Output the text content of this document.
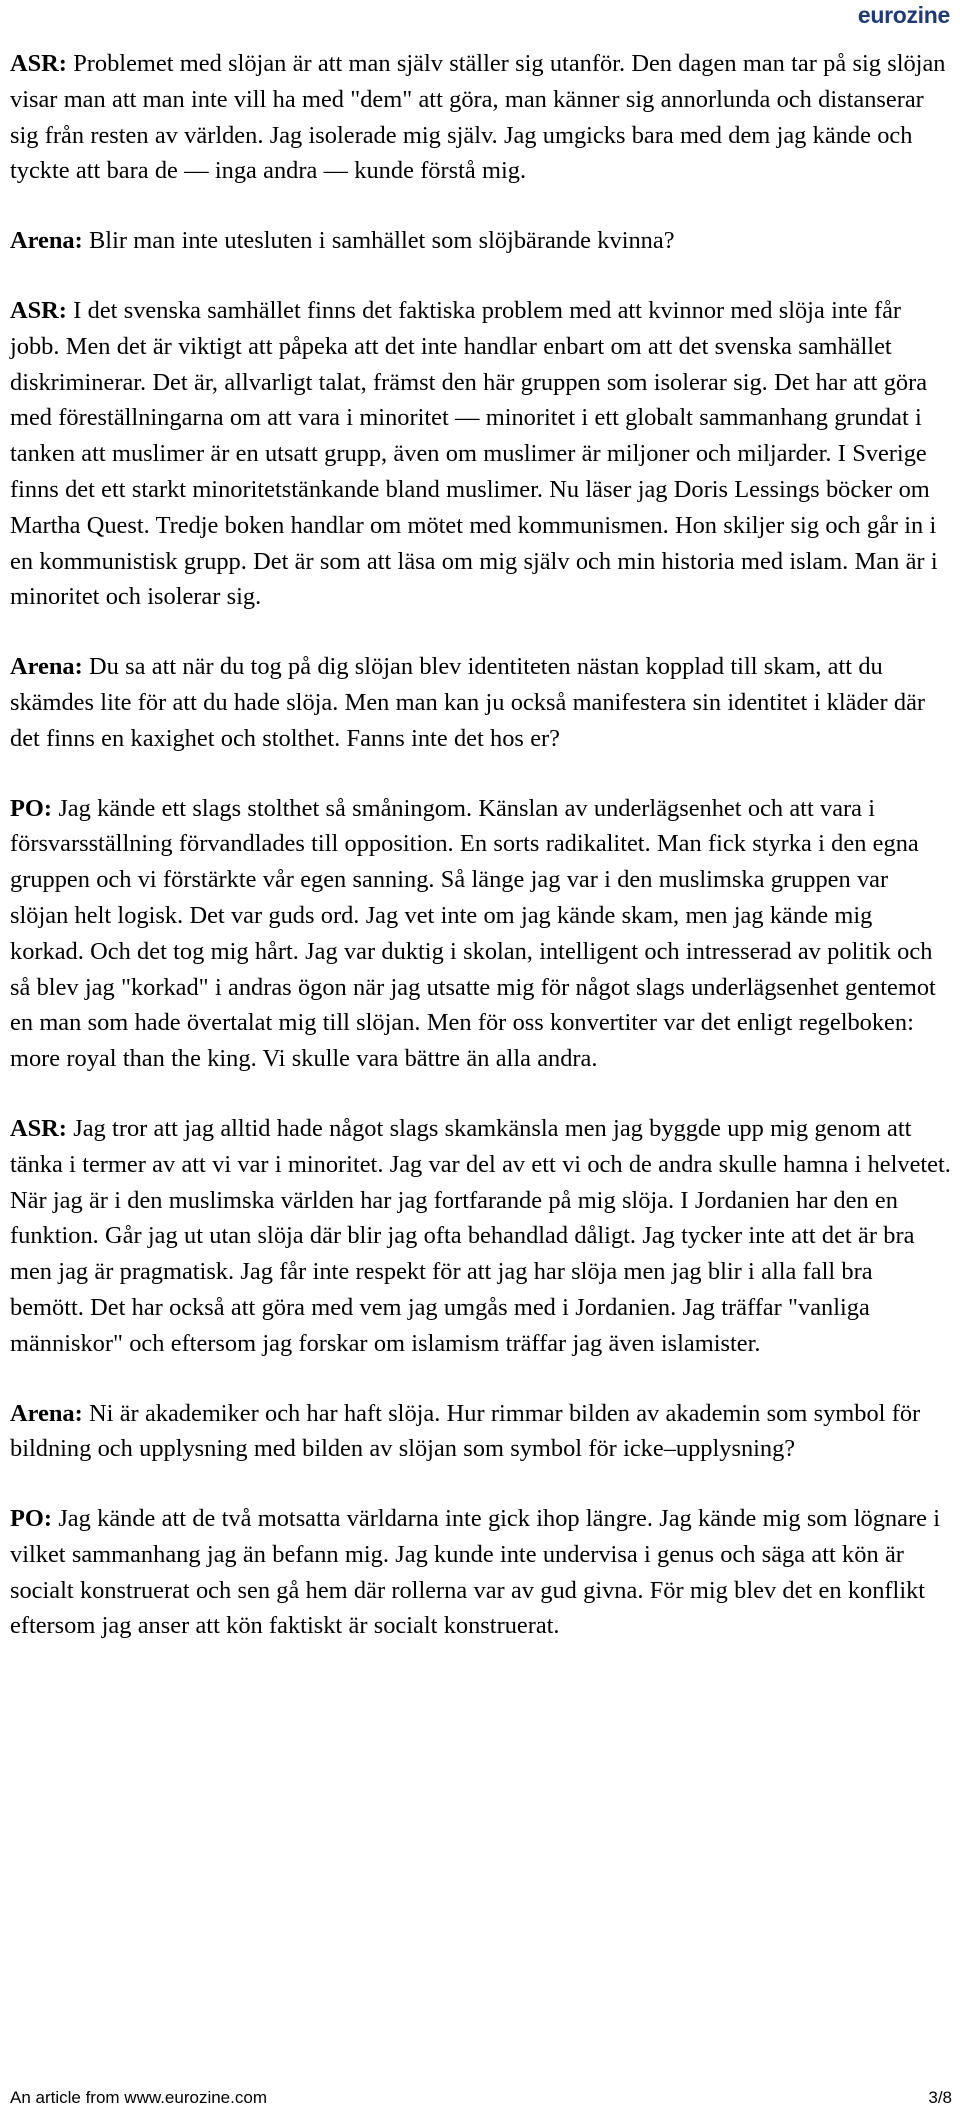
eurozine

ASR: Problemet med slöjan är att man själv ställer sig utanför. Den dagen man tar på sig slöjan visar man att man inte vill ha med "dem" att göra, man känner sig annorlunda och distanserar sig från resten av världen. Jag isolerade mig själv. Jag umgicks bara med dem jag kände och tyckte att bara de –– inga andra –– kunde förstå mig.

Arena: Blir man inte utesluten i samhället som slöjbärande kvinna?

ASR: I det svenska samhället finns det faktiska problem med att kvinnor med slöja inte får jobb. Men det är viktigt att påpeka att det inte handlar enbart om att det svenska samhället diskriminerar. Det är, allvarligt talat, främst den här gruppen som isolerar sig. Det har att göra med föreställningarna om att vara i minoritet –– minoritet i ett globalt sammanhang grundat i tanken att muslimer är en utsatt grupp, även om muslimer är miljoner och miljarder. I Sverige finns det ett starkt minoritetstänkande bland muslimer. Nu läser jag Doris Lessings böcker om Martha Quest. Tredje boken handlar om mötet med kommunismen. Hon skiljer sig och går in i en kommunistisk grupp. Det är som att läsa om mig själv och min historia med islam. Man är i minoritet och isolerar sig.

Arena: Du sa att när du tog på dig slöjan blev identiteten nästan kopplad till skam, att du skämdes lite för att du hade slöja. Men man kan ju också manifestera sin identitet i kläder där det finns en kaxighet och stolthet. Fanns inte det hos er?

PO: Jag kände ett slags stolthet så småningom. Känslan av underlägsenhet och att vara i försvarsställning förvandlades till opposition. En sorts radikalitet. Man fick styrka i den egna gruppen och vi förstärkte vår egen sanning. Så länge jag var i den muslimska gruppen var slöjan helt logisk. Det var guds ord. Jag vet inte om jag kände skam, men jag kände mig korkad. Och det tog mig hårt. Jag var duktig i skolan, intelligent och intresserad av politik och så blev jag "korkad" i andras ögon när jag utsatte mig för något slags underlägsenhet gentemot en man som hade övertalat mig till slöjan. Men för oss konvertiter var det enligt regelboken: more royal than the king. Vi skulle vara bättre än alla andra.

ASR: Jag tror att jag alltid hade något slags skamkänsla men jag byggde upp mig genom att tänka i termer av att vi var i minoritet. Jag var del av ett vi och de andra skulle hamna i helvetet. När jag är i den muslimska världen har jag fortfarande på mig slöja. I Jordanien har den en funktion. Går jag ut utan slöja där blir jag ofta behandlad dåligt. Jag tycker inte att det är bra men jag är pragmatisk. Jag får inte respekt för att jag har slöja men jag blir i alla fall bra bemött. Det har också att göra med vem jag umgås med i Jordanien. Jag träffar "vanliga människor" och eftersom jag forskar om islamism träffar jag även islamister.

Arena: Ni är akademiker och har haft slöja. Hur rimmar bilden av akademin som symbol för bildning och upplysning med bilden av slöjan som symbol för icke–upplysning?

PO: Jag kände att de två motsatta världarna inte gick ihop längre. Jag kände mig som lögnare i vilket sammanhang jag än befann mig. Jag kunde inte undervisa i genus och säga att kön är socialt konstruerat och sen gå hem där rollerna var av gud givna. För mig blev det en konflikt eftersom jag anser att kön faktiskt är socialt konstruerat.

An article from www.eurozine.com	3/8
